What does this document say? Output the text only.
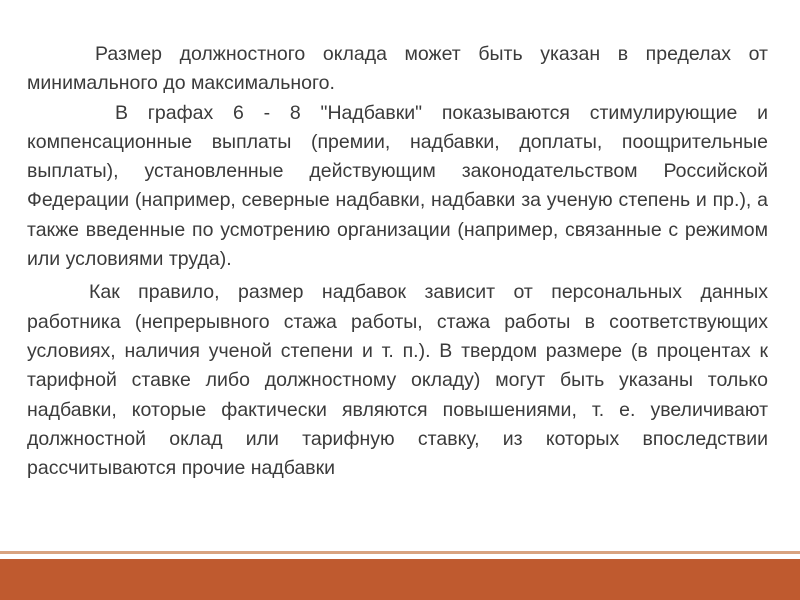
Размер должностного оклада может быть указан в пределах от минимального до максимального.

В графах 6 - 8 "Надбавки" показываются стимулирующие и компенсационные выплаты (премии, надбавки, доплаты, поощрительные выплаты), установленные действующим законодательством Российской Федерации (например, северные надбавки, надбавки за ученую степень и пр.), а также введенные по усмотрению организации (например, связанные с режимом или условиями труда).

Как правило, размер надбавок зависит от персональных данных работника (непрерывного стажа работы, стажа работы в соответствующих условиях, наличия ученой степени и т. п.). В твердом размере (в процентах к тарифной ставке либо должностному окладу) могут быть указаны только надбавки, которые фактически являются повышениями, т. е. увеличивают должностной оклад или тарифную ставку, из которых впоследствии рассчитываются прочие надбавки
